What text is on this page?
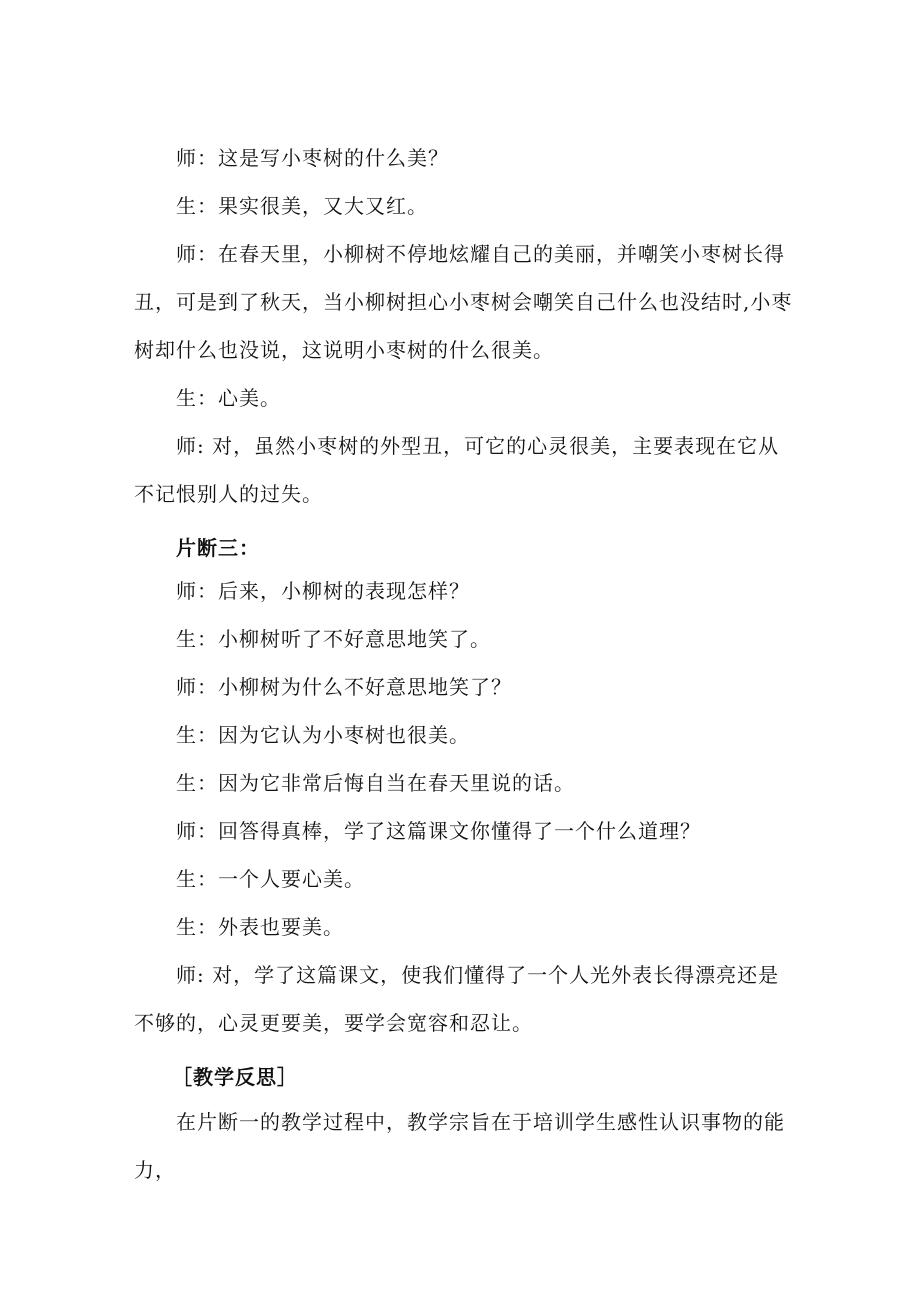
师：这是写小枣树的什么美？

生：果实很美，又大又红。

师：在春天里，小柳树不停地炫耀自己的美丽，并嘲笑小枣树长得丑，可是到了秋天，当小柳树担心小枣树会嘲笑自己什么也没结时,小枣树却什么也没说，这说明小枣树的什么很美。

生：心美。

师: 对，虽然小枣树的外型丑，可它的心灵很美，主要表现在它从不记恨别人的过失。

片断三：

师：后来，小柳树的表现怎样？

生：小柳树听了不好意思地笑了。

师：小柳树为什么不好意思地笑了？

生：因为它认为小枣树也很美。

生：因为它非常后悔自当在春天里说的话。

师：回答得真棒，学了这篇课文你懂得了一个什么道理？

生：一个人要心美。

生：外表也要美。

师: 对，学了这篇课文，使我们懂得了一个人光外表长得漂亮还是不够的，心灵更要美，要学会宽容和忍让。

［教学反思］

在片断一的教学过程中，教学宗旨在于培训学生感性认识事物的能力，
